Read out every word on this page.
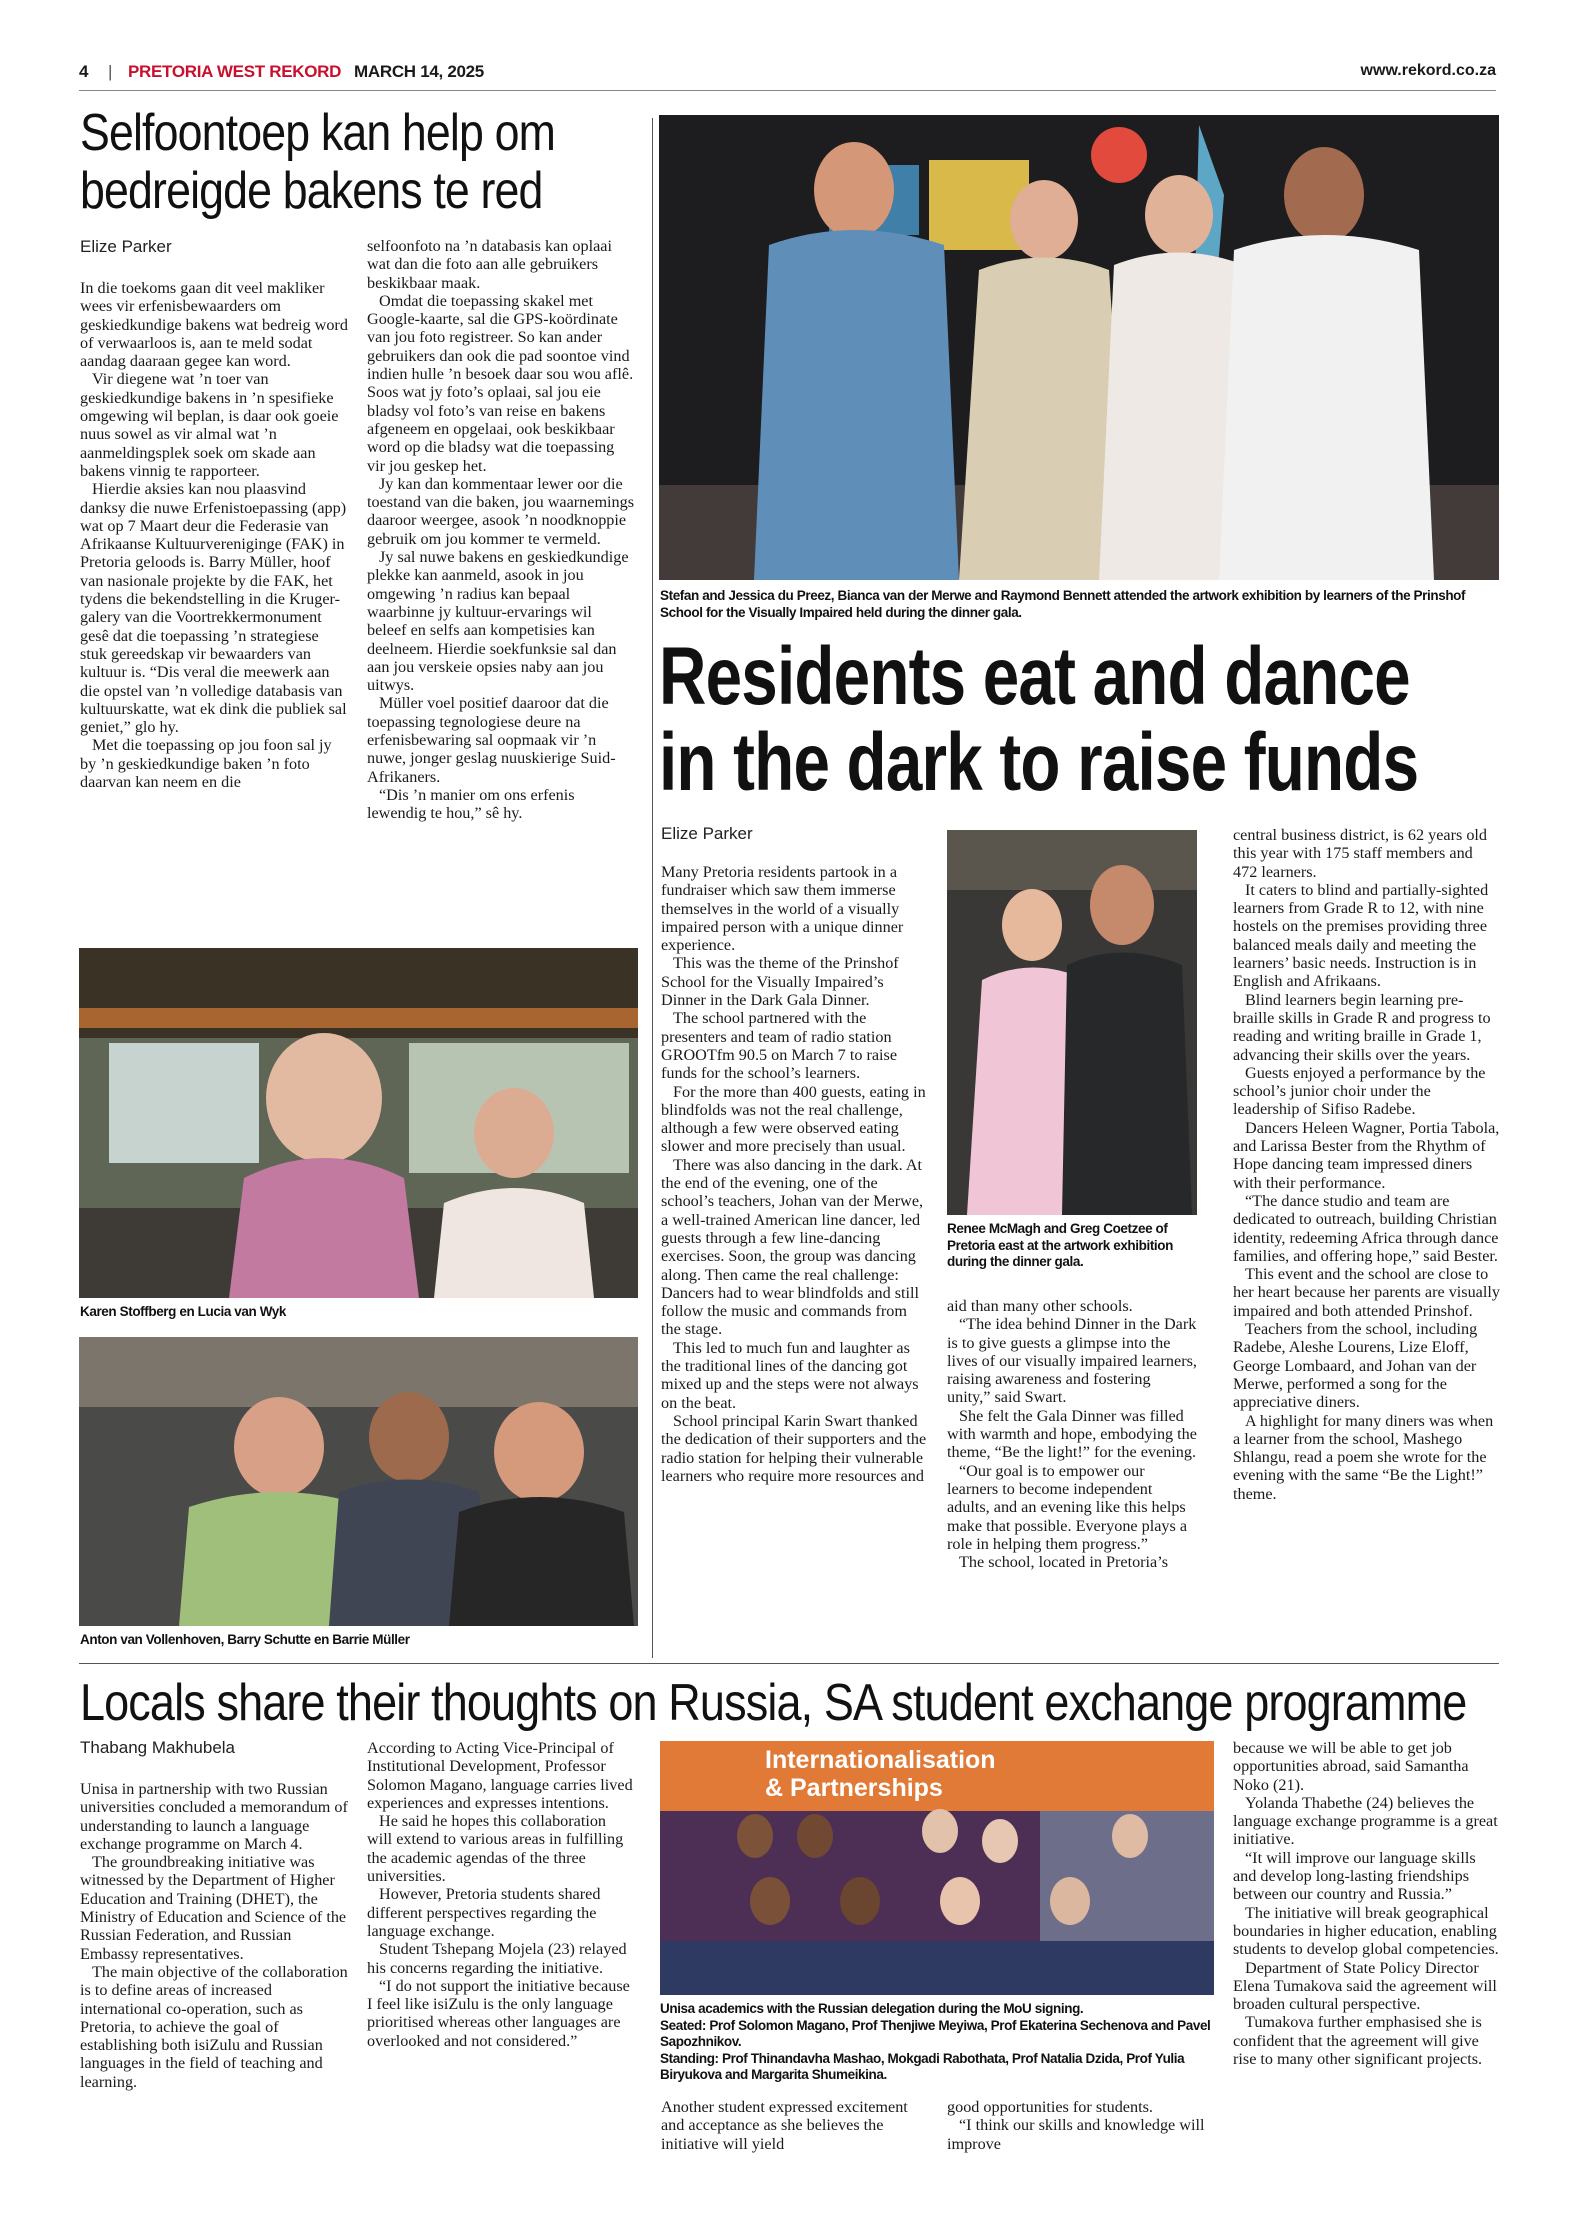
4 | PRETORIA WEST REKORD MARCH 14, 2025	www.rekord.co.za
Selfoontoep kan help om
bedreigde bakens te red
Elize Parker

In die toekoms gaan dit veel makliker wees vir erfenisbewaarders om geskiedkundige bakens wat bedreig word of verwaarloos is, aan te meld sodat aandag daaraan gegee kan word.

Vir diegene wat ’n toer van geskiedkundige bakens in ’n spesifieke omgewing wil beplan, is daar ook goeie nuus sowel as vir almal wat ’n aanmeldingsplek soek om skade aan bakens vinnig te rapporteer.

Hierdie aksies kan nou plaasvind danksy die nuwe Erfenistoepassing (app) wat op 7 Maart deur die Federasie van Afrikaanse Kultuurvereniginge (FAK) in Pretoria geloods is. Barry Müller, hoof van nasionale projekte by die FAK, het tydens die bekendstelling in die Kruger-galery van die Voortrekkermonument gesê dat die toepassing ’n strategiese stuk gereedskap vir bewaarders van kultuur is. “Dis veral die meewerk aan die opstel van ’n volledige databasis van kultuurskatte, wat ek dink die publiek sal geniet,” glo hy.

Met die toepassing op jou foon sal jy by ’n geskiedkundige baken ’n foto daarvan kan neem en die

selfoonfoto na ’n databasis kan oplaai wat dan die foto aan alle gebruikers beskikbaar maak.

Omdat die toepassing skakel met Google-kaarte, sal die GPS-koördinate van jou foto registreer. So kan ander gebruikers dan ook die pad soontoe vind indien hulle ’n besoek daar sou wou aflê. Soos wat jy foto’s oplaai, sal jou eie bladsy vol foto’s van reise en bakens afgeneem en opgelaai, ook beskikbaar word op die bladsy wat die toepassing vir jou geskep het.

Jy kan dan kommentaar lewer oor die toestand van die baken, jou waarnemings daaroor weergee, asook ’n noodknoppie gebruik om jou kommer te vermeld.

Jy sal nuwe bakens en geskiedkundige plekke kan aanmeld, asook in jou omgewing ’n radius kan bepaal waarbinne jy kultuur-ervarings wil beleef en selfs aan kompetisies kan deelneem. Hierdie soekfunksie sal dan aan jou verskeie opsies naby aan jou uitwys.

Müller voel positief daaroor dat die toepassing tegnologiese deure na erfenisbewaring sal oopmaak vir ’n nuwe, jonger geslag nuuskierige Suid-Afrikaners.

“Dis ’n manier om ons erfenis lewendig te hou,” sê hy.

Karen Stoffberg en Lucia van Wyk
Anton van Vollenhoven, Barry Schutte en Barrie Müller
Stefan and Jessica du Preez, Bianca van der Merwe and Raymond Bennett attended the artwork exhibition by learners of the Prinshof School for the Visually Impaired held during the dinner gala.
Residents eat and dance
in the dark to raise funds
Elize Parker

Many Pretoria residents partook in a fundraiser which saw them immerse themselves in the world of a visually impaired person with a unique dinner experience.

This was the theme of the Prinshof School for the Visually Impaired’s Dinner in the Dark Gala Dinner.

The school partnered with the presenters and team of radio station GROOTfm 90.5 on March 7 to raise funds for the school’s learners.

For the more than 400 guests, eating in blindfolds was not the real challenge, although a few were observed eating slower and more precisely than usual.

There was also dancing in the dark. At the end of the evening, one of the school’s teachers, Johan van der Merwe, a well-trained American line dancer, led guests through a few line-dancing exercises. Soon, the group was dancing along. Then came the real challenge: Dancers had to wear blindfolds and still follow the music and commands from the stage.

This led to much fun and laughter as the traditional lines of the dancing got mixed up and the steps were not always on the beat.

School principal Karin Swart thanked the dedication of their supporters and the radio station for helping their vulnerable learners who require more resources and

Renee McMagh and Greg Coetzee of Pretoria east at the artwork exhibition during the dinner gala.

aid than many other schools.

“The idea behind Dinner in the Dark is to give guests a glimpse into the lives of our visually impaired learners, raising awareness and fostering unity,” said Swart.

She felt the Gala Dinner was filled with warmth and hope, embodying the theme, “Be the light!” for the evening.

“Our goal is to empower our learners to become independent adults, and an evening like this helps make that possible. Everyone plays a role in helping them progress.”

The school, located in Pretoria’s

central business district, is 62 years old this year with 175 staff members and 472 learners.

It caters to blind and partially-sighted learners from Grade R to 12, with nine hostels on the premises providing three balanced meals daily and meeting the learners’ basic needs. Instruction is in English and Afrikaans.

Blind learners begin learning pre-braille skills in Grade R and progress to reading and writing braille in Grade 1, advancing their skills over the years.

Guests enjoyed a performance by the school’s junior choir under the leadership of Sifiso Radebe.

Dancers Heleen Wagner, Portia Tabola, and Larissa Bester from the Rhythm of Hope dancing team impressed diners with their performance.

“The dance studio and team are dedicated to outreach, building Christian identity, redeeming Africa through dance families, and offering hope,” said Bester.

This event and the school are close to her heart because her parents are visually impaired and both attended Prinshof.

Teachers from the school, including Radebe, Aleshe Lourens, Lize Eloff, George Lombaard, and Johan van der Merwe, performed a song for the appreciative diners.

A highlight for many diners was when a learner from the school, Mashego Shlangu, read a poem she wrote for the evening with the same “Be the Light!” theme.

Locals share their thoughts on Russia, SA student exchange programme
Thabang Makhubela

Unisa in partnership with two Russian universities concluded a memorandum of understanding to launch a language exchange programme on March 4.

The groundbreaking initiative was witnessed by the Department of Higher Education and Training (DHET), the Ministry of Education and Science of the Russian Federation, and Russian Embassy representatives.

The main objective of the collaboration is to define areas of increased international co-operation, such as Pretoria, to achieve the goal of establishing both isiZulu and Russian languages in the field of teaching and learning.

According to Acting Vice-Principal of Institutional Development, Professor Solomon Magano, language carries lived experiences and expresses intentions.

He said he hopes this collaboration will extend to various areas in fulfilling the academic agendas of the three universities.

However, Pretoria students shared different perspectives regarding the language exchange.

Student Tshepang Mojela (23) relayed his concerns regarding the initiative.

“I do not support the initiative because I feel like isiZulu is the only language prioritised whereas other languages are overlooked and not considered.”

Internationalisation
& Partnerships
Unisa academics with the Russian delegation during the MoU signing.
Seated: Prof Solomon Magano, Prof Thenjiwe Meyiwa, Prof Ekaterina Sechenova and Pavel Sapozhnikov.
Standing: Prof Thinandavha Mashao, Mokgadi Rabothata, Prof Natalia Dzida, Prof Yulia Biryukova and Margarita Shumeikina.

Another student expressed excitement and acceptance as she believes the initiative will yield

good opportunities for students.

“I think our skills and knowledge will improve

because we will be able to get job opportunities abroad, said Samantha Noko (21).

Yolanda Thabethe (24) believes the language exchange programme is a great initiative.

“It will improve our language skills and develop long-lasting friendships between our country and Russia.”

The initiative will break geographical boundaries in higher education, enabling students to develop global competencies.

Department of State Policy Director Elena Tumakova said the agreement will broaden cultural perspective.

Tumakova further emphasised she is confident that the agreement will give rise to many other significant projects.
